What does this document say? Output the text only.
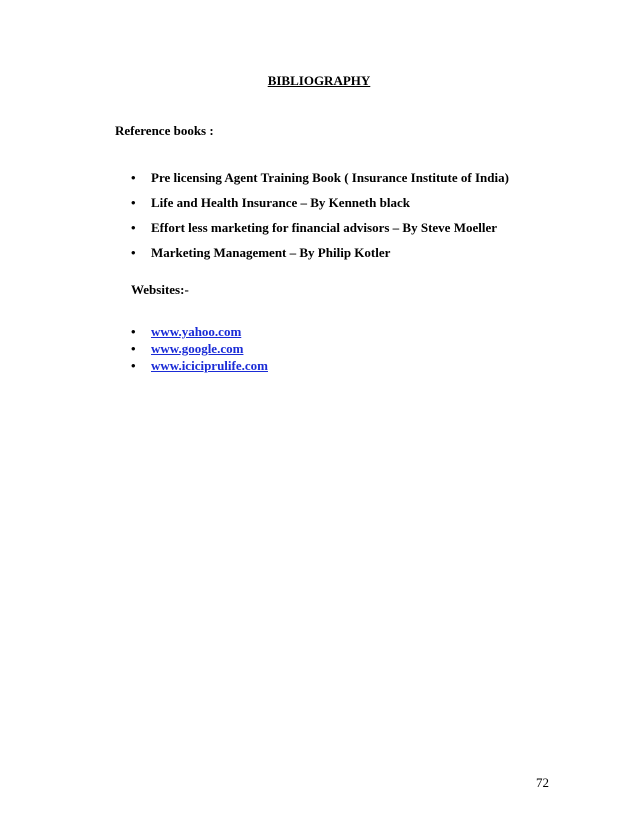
BIBLIOGRAPHY
Reference books :
• Pre licensing Agent Training Book ( Insurance Institute of India)
• Life and Health Insurance – By Kenneth black
• Effort less marketing for financial advisors – By Steve Moeller
• Marketing Management – By Philip Kotler
Websites:-
• www.yahoo.com
• www.google.com
• www.iciciprulife.com
72
